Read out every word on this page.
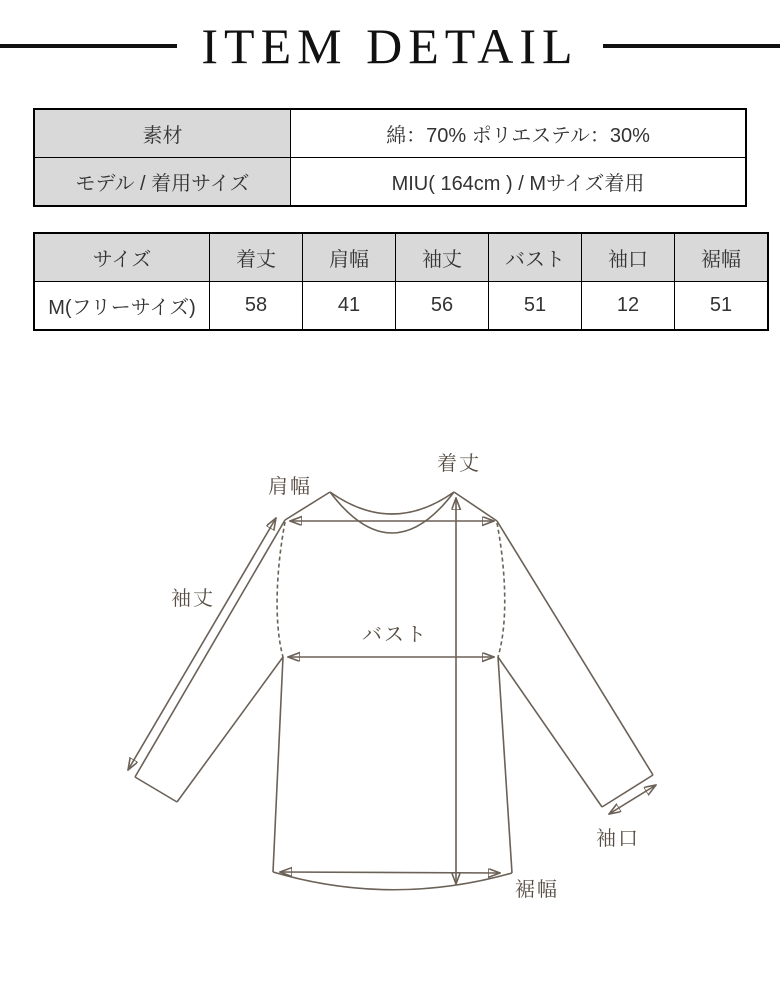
ITEM DETAIL
素材	綿：70% ポリエステル：30%
モデル / 着用サイズ	MIU( 164cm ) / Mサイズ着用
サイズ	着丈	肩幅	袖丈	バスト	袖口	裾幅
M(フリーサイズ)	58	41	56	51	12	51
着丈
肩幅
袖丈
バスト
袖口
裾幅
